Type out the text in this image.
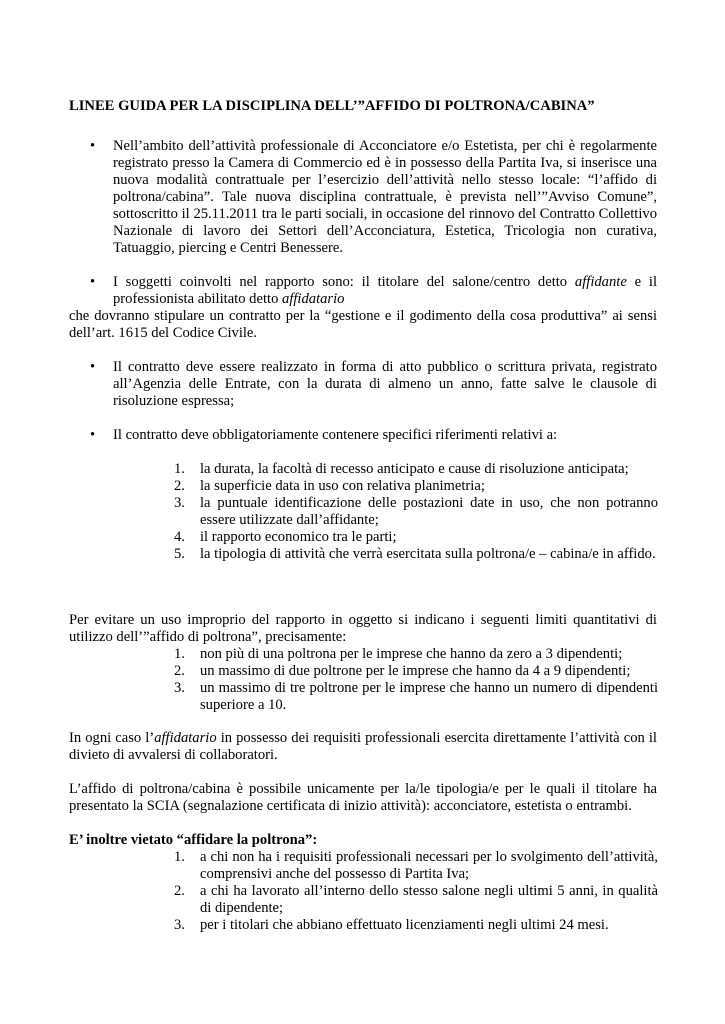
LINEE GUIDA PER LA DISCIPLINA DELL’”AFFIDO DI POLTRONA/CABINA”
•	Nell’ambito dell’attività professionale di Acconciatore e/o Estetista, per chi è regolarmente registrato presso la Camera di Commercio ed è in possesso della Partita Iva, si inserisce una nuova modalità contrattuale per l’esercizio dell’attività nello stesso locale: “l’affido di poltrona/cabina”. Tale nuova disciplina contrattuale, è prevista nell’”Avviso Comune”, sottoscritto il 25.11.2011 tra le parti sociali, in occasione del rinnovo del Contratto Collettivo Nazionale di lavoro dei Settori dell’Acconciatura, Estetica, Tricologia non curativa, Tatuaggio, piercing e Centri Benessere.
•	I soggetti coinvolti nel rapporto sono: il titolare del salone/centro detto affidante e il professionista abilitato detto affidatario
che dovranno stipulare un contratto per la “gestione e il godimento della cosa produttiva” ai sensi dell’art. 1615 del Codice Civile.
•	Il contratto deve essere realizzato in forma di atto pubblico o scrittura privata, registrato all’Agenzia delle Entrate, con la durata di almeno un anno, fatte salve le clausole di risoluzione espressa;
•	Il contratto deve obbligatoriamente contenere specifici riferimenti relativi a:
1. la durata, la facoltà di recesso anticipato e cause di risoluzione anticipata;
2. la superficie data in uso con relativa planimetria;
3. la puntuale identificazione delle postazioni date in uso, che non potranno essere utilizzate dall’affidante;
4. il rapporto economico tra le parti;
5. la tipologia di attività che verrà esercitata sulla poltrona/e – cabina/e in affido.
Per evitare un uso improprio del rapporto in oggetto si indicano i seguenti limiti quantitativi di utilizzo dell’”affido di poltrona”, precisamente:
1. non più di una poltrona per le imprese che hanno da zero a 3 dipendenti;
2. un massimo di due poltrone per le imprese che hanno da 4 a 9 dipendenti;
3. un massimo di tre poltrone per le imprese che hanno un numero di dipendenti superiore a 10.
In ogni caso l’affidatario in possesso dei requisiti professionali esercita direttamente l’attività con il divieto di avvalersi di collaboratori.
L’affido di poltrona/cabina è possibile unicamente per la/le tipologia/e per le quali il titolare ha presentato la SCIA (segnalazione certificata di inizio attività): acconciatore, estetista o entrambi.
E’ inoltre vietato “affidare la poltrona”:
1. a chi non ha i requisiti professionali necessari per lo svolgimento dell’attività, comprensivi anche del possesso di Partita Iva;
2. a chi ha lavorato all’interno dello stesso salone negli ultimi 5 anni, in qualità di dipendente;
3. per i titolari che abbiano effettuato licenziamenti negli ultimi 24 mesi.
